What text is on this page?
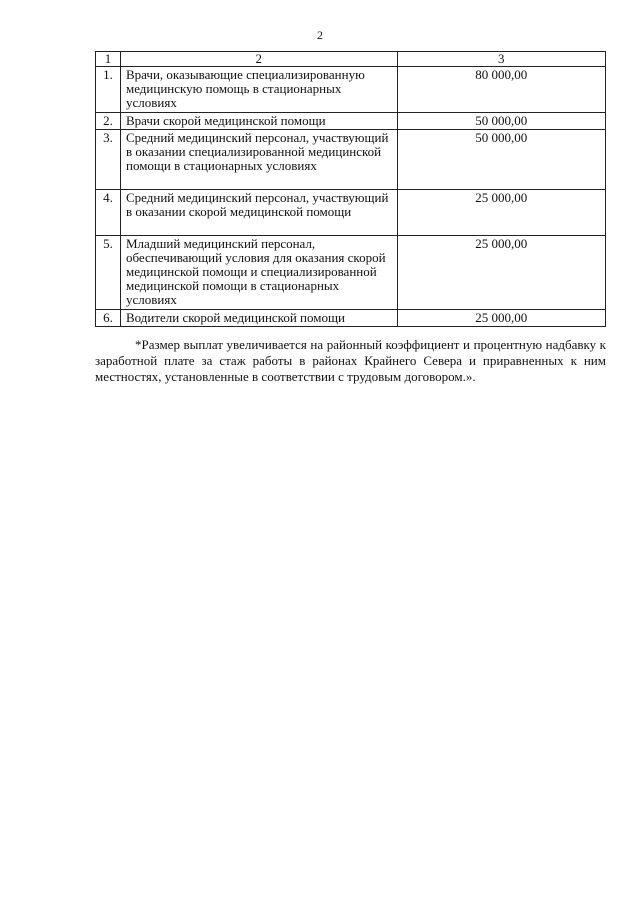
2
1	2	3
1.	Врачи, оказывающие специализированную медицинскую помощь в стационарных условиях	80 000,00
2.	Врачи скорой медицинской помощи	50 000,00
3.	Средний медицинский персонал, участвующий в оказании специализированной медицинской помощи в стационарных условиях	50 000,00
4.	Средний медицинский персонал, участвующий в оказании скорой медицинской помощи	25 000,00
5.	Младший медицинский персонал, обеспечивающий условия для оказания скорой медицинской помощи и специализированной медицинской помощи в стационарных условиях	25 000,00
6.	Водители скорой медицинской помощи	25 000,00

*Размер выплат увеличивается на районный коэффициент и процентную надбавку к заработной плате за стаж работы в районах Крайнего Севера и приравненных к ним местностях, установленные в соответствии с трудовым договором.».
